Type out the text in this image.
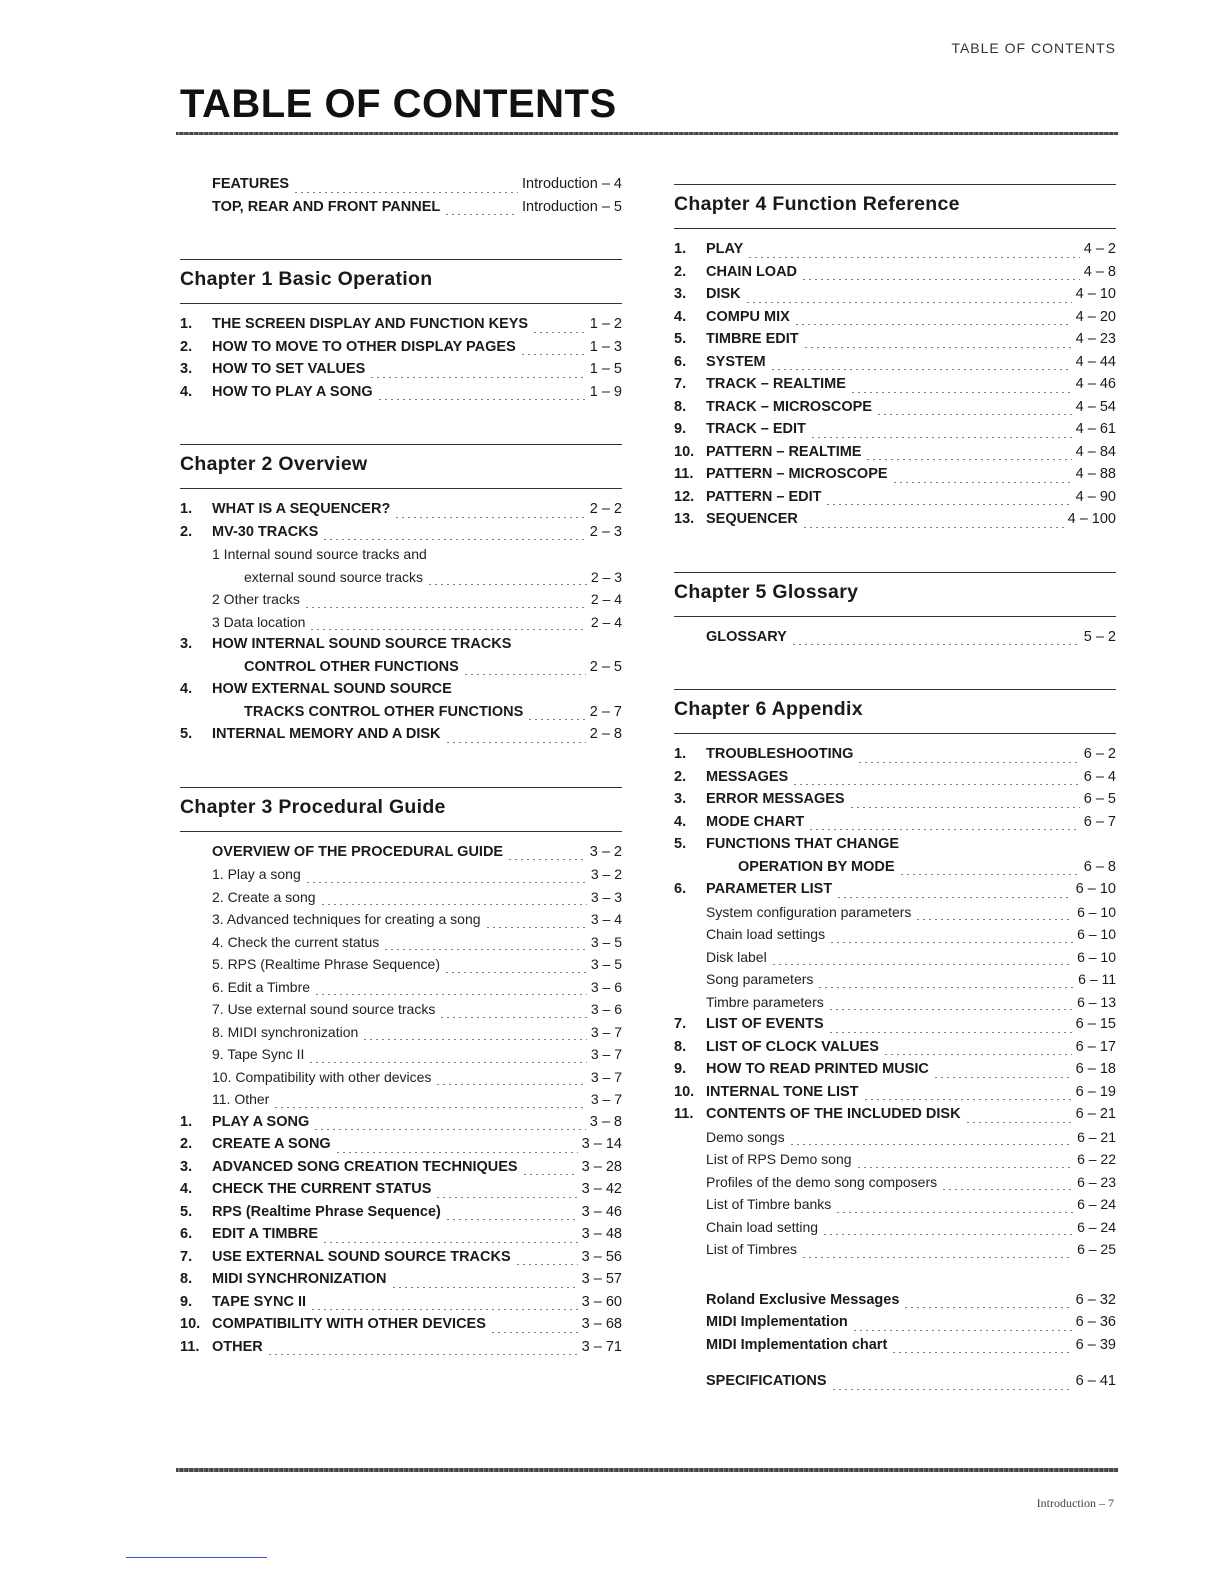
TABLE OF CONTENTS
TABLE OF CONTENTS
FEATURES	Introduction – 4
TOP, REAR AND FRONT PANNEL	Introduction – 5
Chapter 1 Basic Operation
1.	THE SCREEN DISPLAY AND FUNCTION KEYS	1 – 2
2.	HOW TO MOVE TO OTHER DISPLAY PAGES	1 – 3
3.	HOW TO SET VALUES	1 – 5
4.	HOW TO PLAY A SONG	1 – 9
Chapter 2 Overview
1.	WHAT IS A SEQUENCER?	2 – 2
2.	MV-30 TRACKS	2 – 3
1 Internal sound source tracks and
external sound source tracks	2 – 3
2 Other tracks	2 – 4
3 Data location	2 – 4
3.	HOW INTERNAL SOUND SOURCE TRACKS
CONTROL OTHER FUNCTIONS	2 – 5
4.	HOW EXTERNAL SOUND SOURCE
TRACKS CONTROL OTHER FUNCTIONS	2 – 7
5.	INTERNAL MEMORY AND A DISK	2 – 8
Chapter 3 Procedural Guide
OVERVIEW OF THE PROCEDURAL GUIDE	3 – 2
1. Play a song	3 – 2
2. Create a song	3 – 3
3. Advanced techniques for creating a song	3 – 4
4. Check the current status	3 – 5
5. RPS (Realtime Phrase Sequence)	3 – 5
6. Edit a Timbre	3 – 6
7. Use external sound source tracks	3 – 6
8. MIDI synchronization	3 – 7
9. Tape Sync II	3 – 7
10. Compatibility with other devices	3 – 7
11. Other	3 – 7
1.	PLAY A SONG	3 – 8
2.	CREATE A SONG	3 – 14
3.	ADVANCED SONG CREATION TECHNIQUES	3 – 28
4.	CHECK THE CURRENT STATUS	3 – 42
5.	RPS (Realtime Phrase Sequence)	3 – 46
6.	EDIT A TIMBRE	3 – 48
7.	USE EXTERNAL SOUND SOURCE TRACKS	3 – 56
8.	MIDI SYNCHRONIZATION	3 – 57
9.	TAPE SYNC II	3 – 60
10. COMPATIBILITY WITH OTHER DEVICES	3 – 68
11. OTHER	3 – 71
Chapter 4 Function Reference
1.	PLAY	4 – 2
2.	CHAIN LOAD	4 – 8
3.	DISK	4 – 10
4.	COMPU MIX	4 – 20
5.	TIMBRE EDIT	4 – 23
6.	SYSTEM	4 – 44
7.	TRACK – REALTIME	4 – 46
8.	TRACK – MICROSCOPE	4 – 54
9.	TRACK – EDIT	4 – 61
10. PATTERN – REALTIME	4 – 84
11. PATTERN – MICROSCOPE	4 – 88
12. PATTERN – EDIT	4 – 90
13. SEQUENCER	4 – 100
Chapter 5 Glossary
GLOSSARY	5 – 2
Chapter 6 Appendix
1.	TROUBLESHOOTING	6 – 2
2.	MESSAGES	6 – 4
3.	ERROR MESSAGES	6 – 5
4.	MODE CHART	6 – 7
5.	FUNCTIONS THAT CHANGE
OPERATION BY MODE	6 – 8
6.	PARAMETER LIST	6 – 10
System configuration parameters	6 – 10
Chain load settings	6 – 10
Disk label	6 – 10
Song parameters	6 – 11
Timbre parameters	6 – 13
7.	LIST OF EVENTS	6 – 15
8.	LIST OF CLOCK VALUES	6 – 17
9.	HOW TO READ PRINTED MUSIC	6 – 18
10. INTERNAL TONE LIST	6 – 19
11. CONTENTS OF THE INCLUDED DISK	6 – 21
Demo songs	6 – 21
List of RPS Demo song	6 – 22
Profiles of the demo song composers	6 – 23
List of Timbre banks	6 – 24
Chain load setting	6 – 24
List of Timbres	6 – 25
Roland Exclusive Messages	6 – 32
MIDI Implementation	6 – 36
MIDI Implementation chart	6 – 39
SPECIFICATIONS	6 – 41
Introduction – 7
